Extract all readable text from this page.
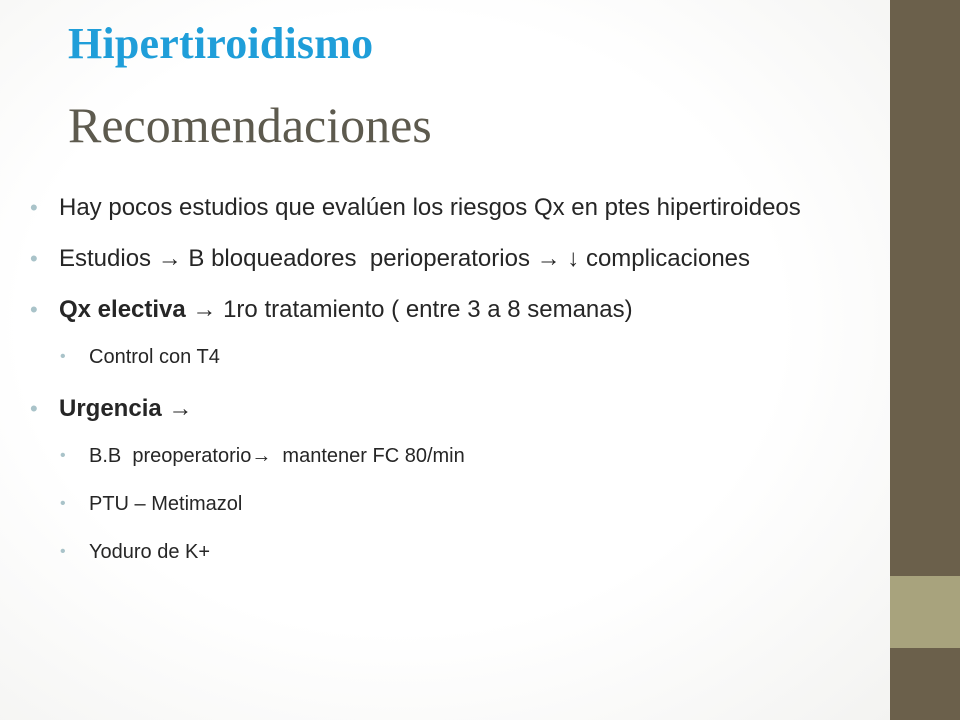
Hipertiroidismo
Recomendaciones
• Hay pocos estudios que evalúen los riesgos Qx en ptes hipertiroideos
• Estudios → B bloqueadores  perioperatorios → ↓ complicaciones
• Qx electiva → 1ro tratamiento ( entre 3 a 8 semanas)
• Control con T4
• Urgencia →
• B.B  preoperatorio→  mantener FC 80/min
• PTU – Metimazol
• Yoduro de K+
